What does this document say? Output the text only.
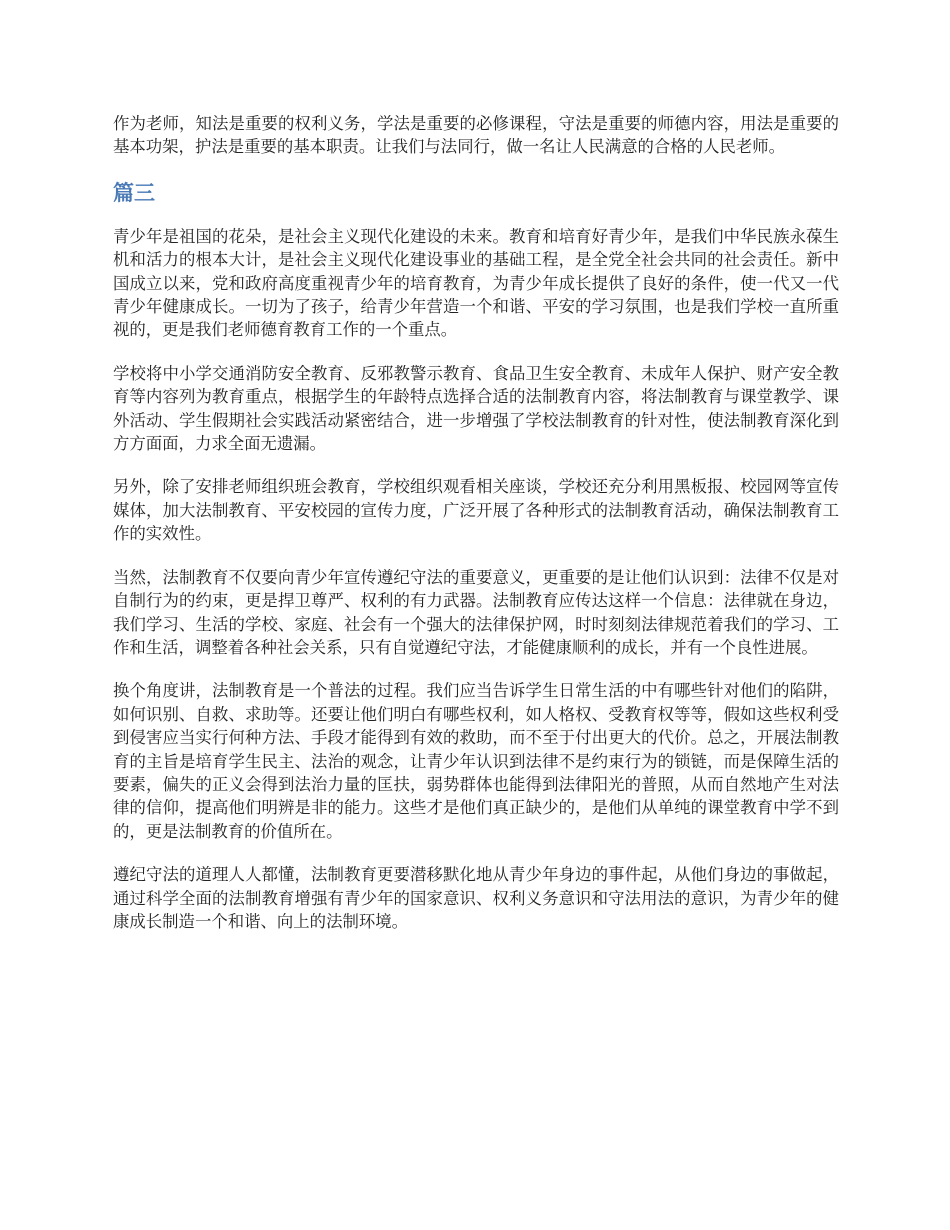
作为老师，知法是重要的权利义务，学法是重要的必修课程，守法是重要的师德内容，用法是重要的基本功架，护法是重要的基本职责。让我们与法同行，做一名让人民满意的合格的人民老师。

篇三

青少年是祖国的花朵，是社会主义现代化建设的未来。教育和培育好青少年，是我们中华民族永葆生机和活力的根本大计，是社会主义现代化建设事业的基础工程，是全党全社会共同的社会责任。新中国成立以来，党和政府高度重视青少年的培育教育，为青少年成长提供了良好的条件，使一代又一代青少年健康成长。一切为了孩子，给青少年营造一个和谐、平安的学习氛围，也是我们学校一直所重视的，更是我们老师德育教育工作的一个重点。

学校将中小学交通消防安全教育、反邪教警示教育、食品卫生安全教育、未成年人保护、财产安全教育等内容列为教育重点，根据学生的年龄特点选择合适的法制教育内容，将法制教育与课堂教学、课外活动、学生假期社会实践活动紧密结合，进一步增强了学校法制教育的针对性，使法制教育深化到方方面面，力求全面无遗漏。

另外，除了安排老师组织班会教育，学校组织观看相关座谈，学校还充分利用黑板报、校园网等宣传媒体，加大法制教育、平安校园的宣传力度，广泛开展了各种形式的法制教育活动，确保法制教育工作的实效性。

当然，法制教育不仅要向青少年宣传遵纪守法的重要意义，更重要的是让他们认识到：法律不仅是对自制行为的约束，更是捍卫尊严、权利的有力武器。法制教育应传达这样一个信息：法律就在身边，我们学习、生活的学校、家庭、社会有一个强大的法律保护网，时时刻刻法律规范着我们的学习、工作和生活，调整着各种社会关系，只有自觉遵纪守法，才能健康顺利的成长，并有一个良性进展。

换个角度讲，法制教育是一个普法的过程。我们应当告诉学生日常生活的中有哪些针对他们的陷阱，如何识别、自救、求助等。还要让他们明白有哪些权利，如人格权、受教育权等等，假如这些权利受到侵害应当实行何种方法、手段才能得到有效的救助，而不至于付出更大的代价。总之，开展法制教育的主旨是培育学生民主、法治的观念，让青少年认识到法律不是约束行为的锁链，而是保障生活的要素，偏失的正义会得到法治力量的匡扶，弱势群体也能得到法律阳光的普照，从而自然地产生对法律的信仰，提高他们明辨是非的能力。这些才是他们真正缺少的，是他们从单纯的课堂教育中学不到的，更是法制教育的价值所在。

遵纪守法的道理人人都懂，法制教育更要潜移默化地从青少年身边的事件起，从他们身边的事做起，通过科学全面的法制教育增强有青少年的国家意识、权利义务意识和守法用法的意识，为青少年的健康成长制造一个和谐、向上的法制环境。
